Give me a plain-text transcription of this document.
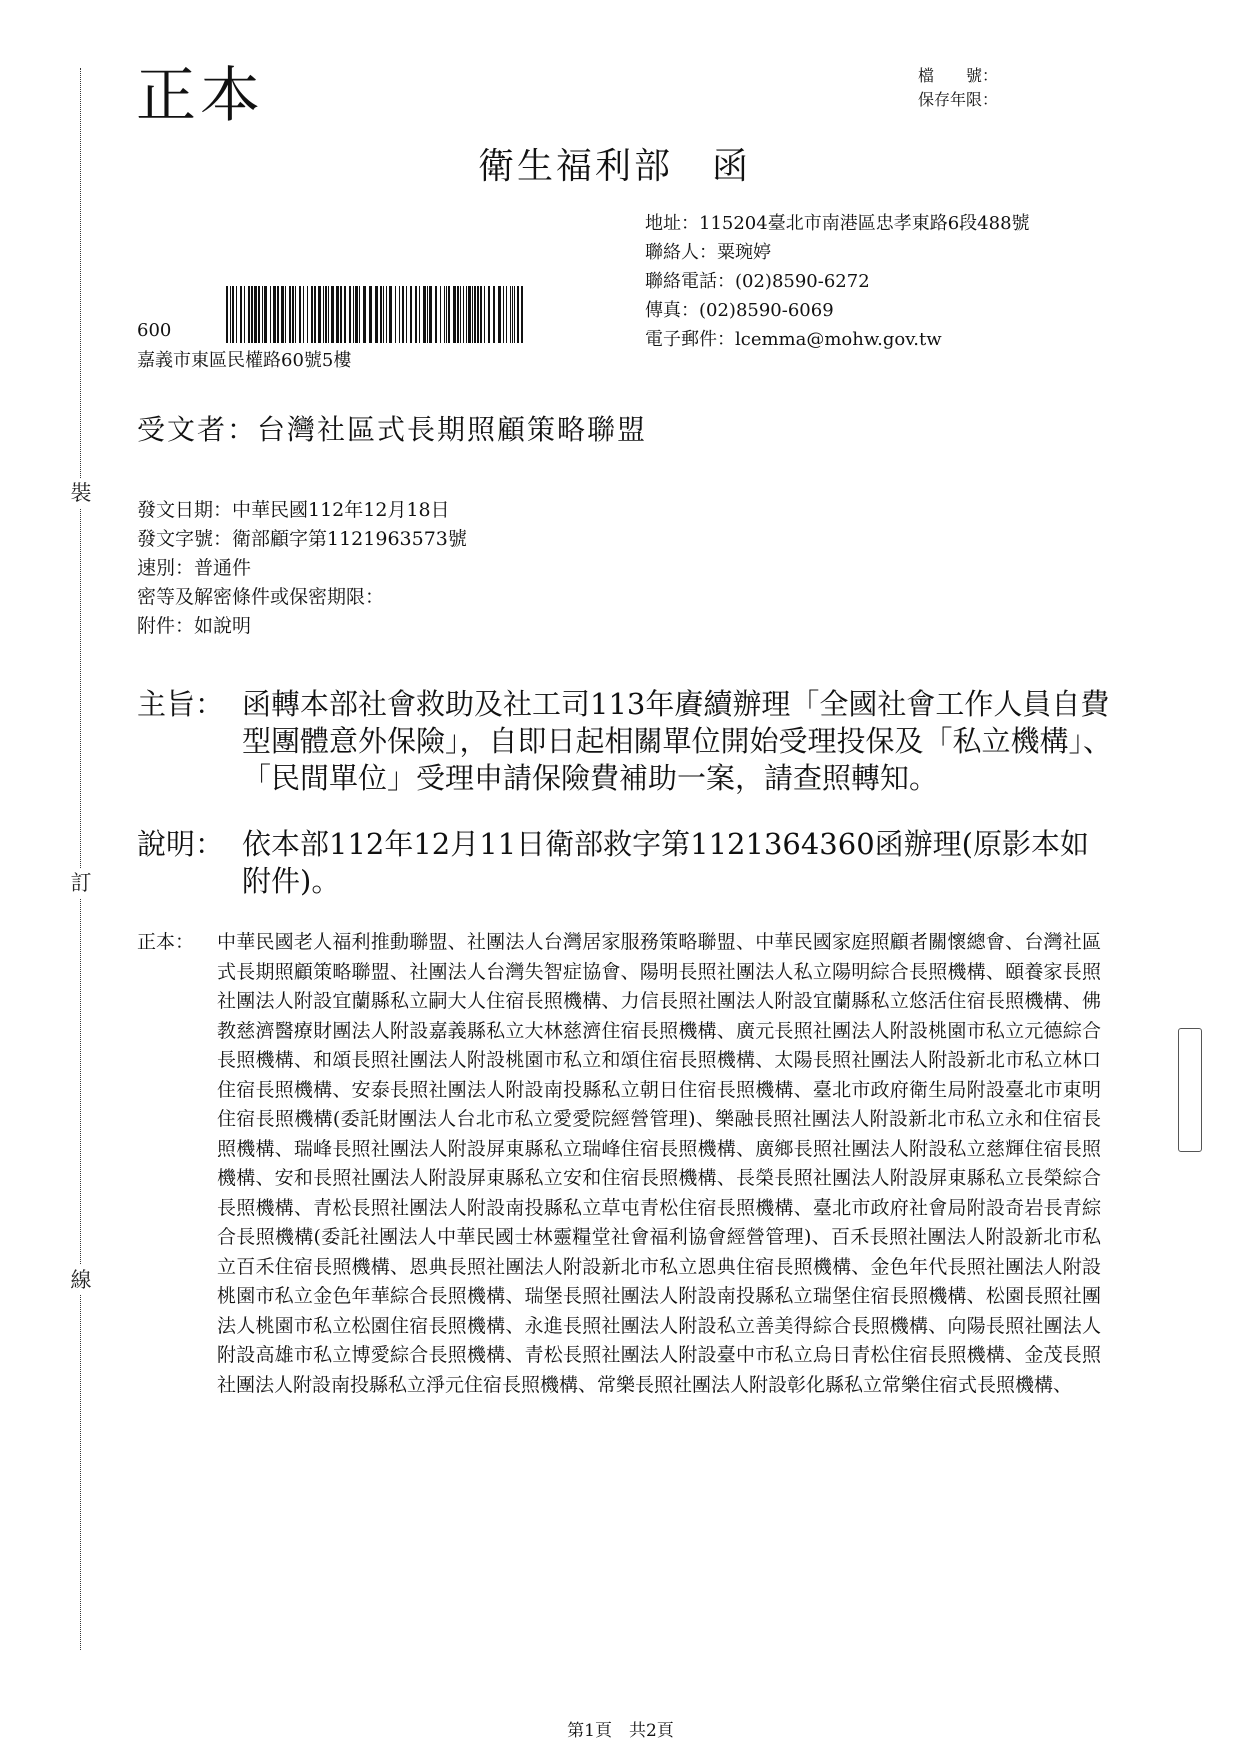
裝
訂
線
正本	檔　　號：
保存年限：
衛生福利部　函
地址：115204臺北市南港區忠孝東路6段488號
聯絡人：粟琬婷
聯絡電話：(02)8590-6272
傳真：(02)8590-6069
電子郵件：lcemma@mohw.gov.tw
600
嘉義市東區民權路60號5樓
受文者：台灣社區式長期照顧策略聯盟
發文日期：中華民國112年12月18日
發文字號：衛部顧字第1121963573號
速別：普通件
密等及解密條件或保密期限：
附件：如說明
主旨： 函轉本部社會救助及社工司113年賡續辦理「全國社會工作人員自費型團體意外保險」，自即日起相關單位開始受理投保及「私立機構」、「民間單位」受理申請保險費補助一案，請查照轉知。
說明： 依本部112年12月11日衛部救字第1121364360函辦理(原影本如附件)。
正本： 中華民國老人福利推動聯盟、社團法人台灣居家服務策略聯盟、中華民國家庭照顧者關懷總會、台灣社區式長期照顧策略聯盟、社團法人台灣失智症協會、陽明長照社團法人私立陽明綜合長照機構、頤養家長照社團法人附設宜蘭縣私立嗣大人住宿長照機構、力信長照社團法人附設宜蘭縣私立悠活住宿長照機構、佛教慈濟醫療財團法人附設嘉義縣私立大林慈濟住宿長照機構、廣元長照社團法人附設桃園市私立元德綜合長照機構、和頌長照社團法人附設桃園市私立和頌住宿長照機構、太陽長照社團法人附設新北市私立林口住宿長照機構、安泰長照社團法人附設南投縣私立朝日住宿長照機構、臺北市政府衛生局附設臺北市東明住宿長照機構(委託財團法人台北市私立愛愛院經營管理)、樂融長照社團法人附設新北市私立永和住宿長照機構、瑞峰長照社團法人附設屏東縣私立瑞峰住宿長照機構、廣鄉長照社團法人附設私立慈輝住宿長照機構、安和長照社團法人附設屏東縣私立安和住宿長照機構、長榮長照社團法人附設屏東縣私立長榮綜合長照機構、青松長照社團法人附設南投縣私立草屯青松住宿長照機構、臺北市政府社會局附設奇岩長青綜合長照機構(委託社團法人中華民國士林靈糧堂社會福利協會經營管理)、百禾長照社團法人附設新北市私立百禾住宿長照機構、恩典長照社團法人附設新北市私立恩典住宿長照機構、金色年代長照社團法人附設桃園市私立金色年華綜合長照機構、瑞堡長照社團法人附設南投縣私立瑞堡住宿長照機構、松園長照社團法人桃園市私立松園住宿長照機構、永進長照社團法人附設私立善美得綜合長照機構、向陽長照社團法人附設高雄市私立博愛綜合長照機構、青松長照社團法人附設臺中市私立烏日青松住宿長照機構、金茂長照社團法人附設南投縣私立淨元住宿長照機構、常樂長照社團法人附設彰化縣私立常樂住宿式長照機構、
第1頁　共2頁
